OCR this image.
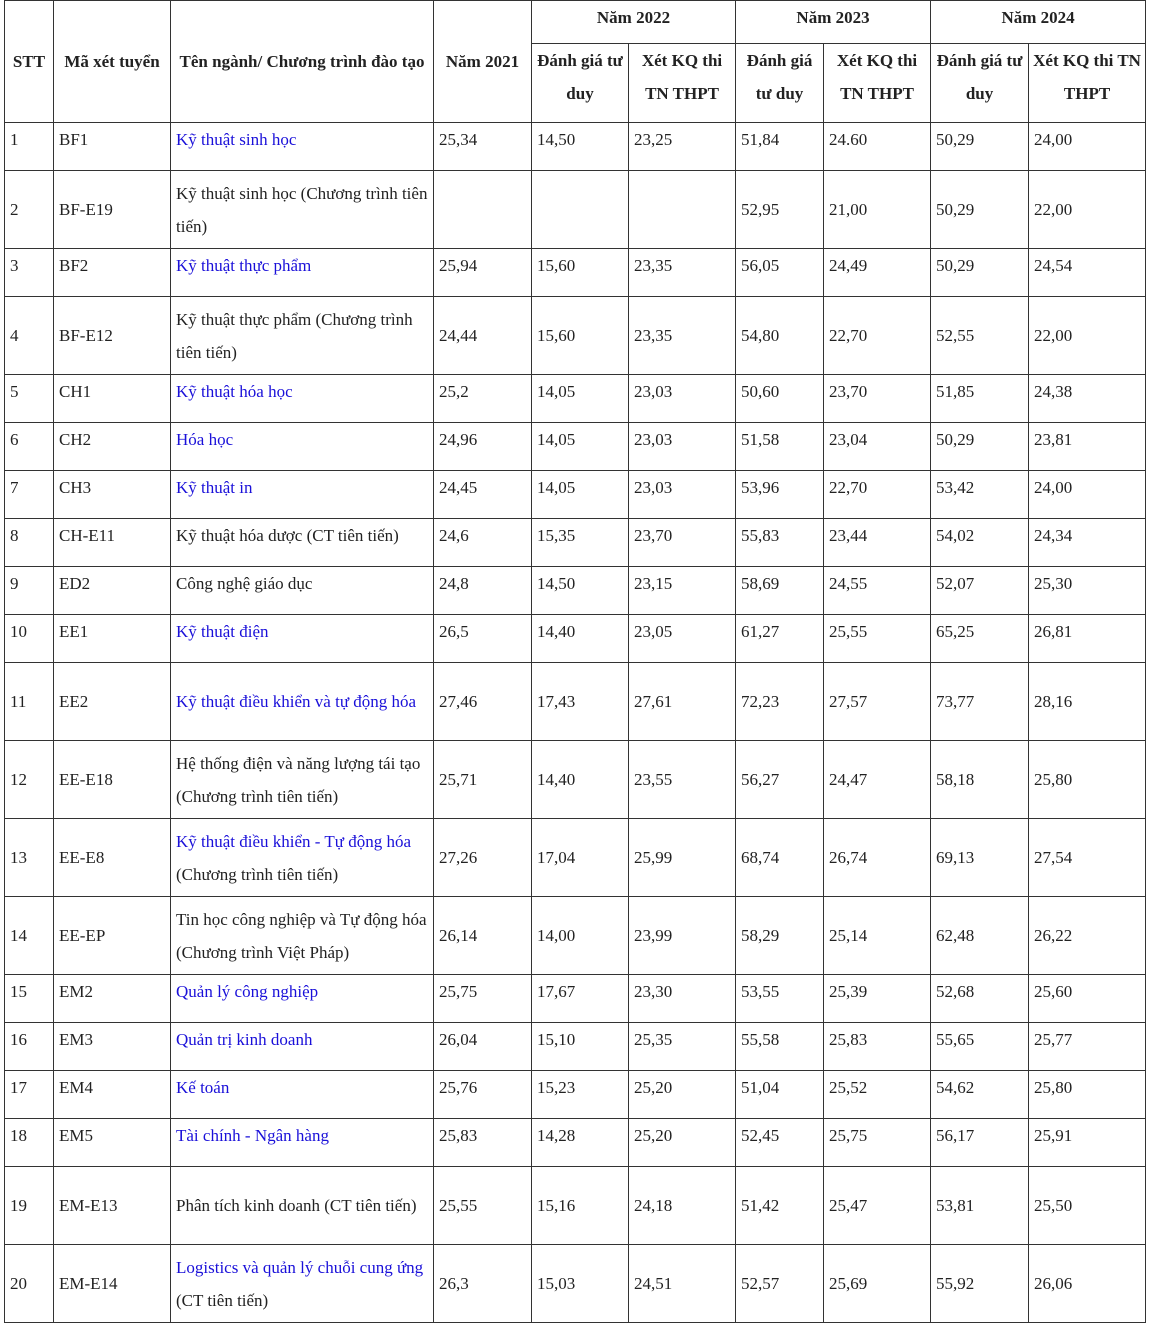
STT	Mã xét tuyển	Tên ngành/ Chương trình đào tạo	Năm 2021	Năm 2022		Năm 2023		Năm 2024	
				Đánh giá tư duy	Xét KQ thi TN THPT	Đánh giá tư duy	Xét KQ thi TN THPT	Đánh giá tư duy	Xét KQ thi TN THPT
1	BF1	Kỹ thuật sinh học	25,34	14,50	23,25	51,84	24.60	50,29	24,00
2	BF-E19	Kỹ thuật sinh học (Chương trình tiên tiến)				52,95	21,00	50,29	22,00
3	BF2	Kỹ thuật thực phẩm	25,94	15,60	23,35	56,05	24,49	50,29	24,54
4	BF-E12	Kỹ thuật thực phẩm (Chương trình tiên tiến)	24,44	15,60	23,35	54,80	22,70	52,55	22,00
5	CH1	Kỹ thuật hóa học	25,2	14,05	23,03	50,60	23,70	51,85	24,38
6	CH2	Hóa học	24,96	14,05	23,03	51,58	23,04	50,29	23,81
7	CH3	Kỹ thuật in	24,45	14,05	23,03	53,96	22,70	53,42	24,00
8	CH-E11	Kỹ thuật hóa dược (CT tiên tiến)	24,6	15,35	23,70	55,83	23,44	54,02	24,34
9	ED2	Công nghệ giáo dục	24,8	14,50	23,15	58,69	24,55	52,07	25,30
10	EE1	Kỹ thuật điện	26,5	14,40	23,05	61,27	25,55	65,25	26,81
11	EE2	Kỹ thuật điều khiển và tự động hóa	27,46	17,43	27,61	72,23	27,57	73,77	28,16
12	EE-E18	Hệ thống điện và năng lượng tái tạo (Chương trình tiên tiến)	25,71	14,40	23,55	56,27	24,47	58,18	25,80
13	EE-E8	Kỹ thuật điều khiển - Tự động hóa (Chương trình tiên tiến)	27,26	17,04	25,99	68,74	26,74	69,13	27,54
14	EE-EP	Tin học công nghiệp và Tự động hóa (Chương trình Việt Pháp)	26,14	14,00	23,99	58,29	25,14	62,48	26,22
15	EM2	Quản lý công nghiệp	25,75	17,67	23,30	53,55	25,39	52,68	25,60
16	EM3	Quản trị kinh doanh	26,04	15,10	25,35	55,58	25,83	55,65	25,77
17	EM4	Kế toán	25,76	15,23	25,20	51,04	25,52	54,62	25,80
18	EM5	Tài chính - Ngân hàng	25,83	14,28	25,20	52,45	25,75	56,17	25,91
19	EM-E13	Phân tích kinh doanh (CT tiên tiến)	25,55	15,16	24,18	51,42	25,47	53,81	25,50
20	EM-E14	Logistics và quản lý chuỗi cung ứng (CT tiên tiến)	26,3	15,03	24,51	52,57	25,69	55,92	26,06
